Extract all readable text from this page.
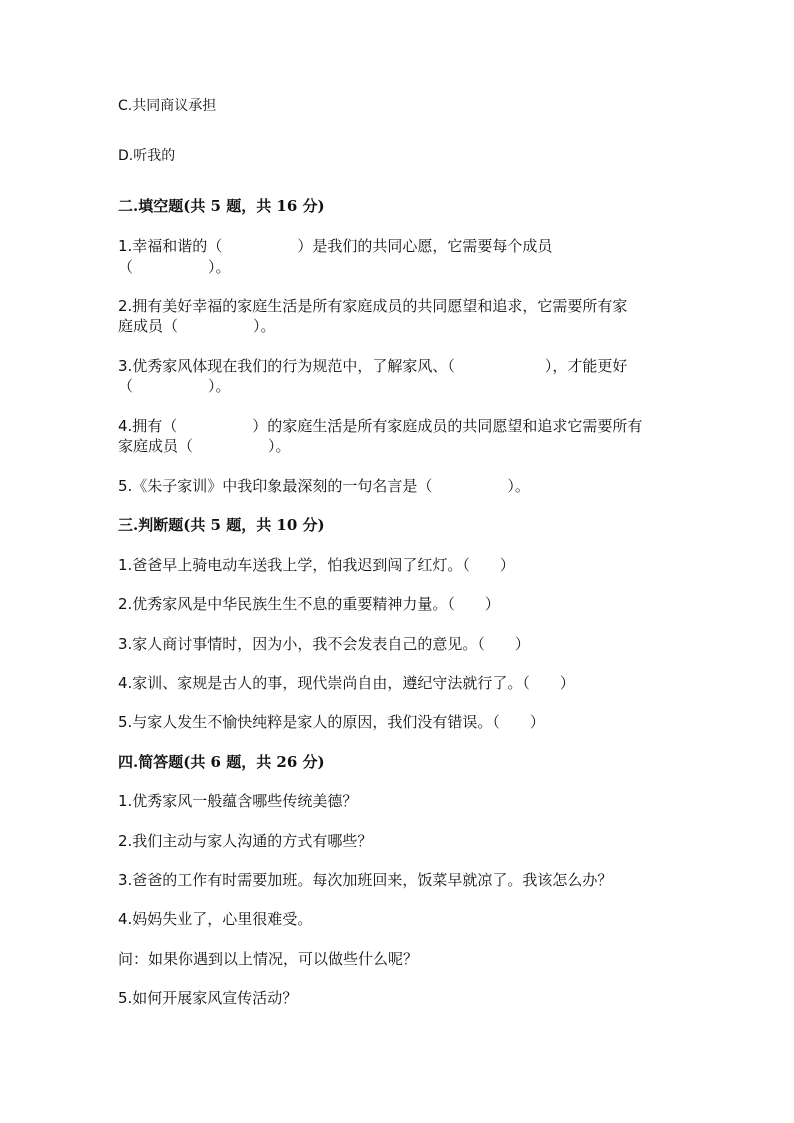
C.共同商议承担

D.听我的

二.填空题(共 5 题，共 16 分)

1.幸福和谐的（　　　　　）是我们的共同心愿，它需要每个成员

（　　　　　）。

2.拥有美好幸福的家庭生活是所有家庭成员的共同愿望和追求，它需要所有家

庭成员（　　　　　）。

3.优秀家风体现在我们的行为规范中，了解家风、（　　　　　　），才能更好

（　　　　　）。

4.拥有（　　　　　）的家庭生活是所有家庭成员的共同愿望和追求它需要所有

家庭成员（　　　　　）。

5.《朱子家训》中我印象最深刻的一句名言是（　　　　　）。

三.判断题(共 5 题，共 10 分)

1.爸爸早上骑电动车送我上学，怕我迟到闯了红灯。（　　）

2.优秀家风是中华民族生生不息的重要精神力量。（　　）

3.家人商讨事情时，因为小，我不会发表自己的意见。（　　）

4.家训、家规是古人的事，现代崇尚自由，遵纪守法就行了。（　　）

5.与家人发生不愉快纯粹是家人的原因，我们没有错误。（　　）

四.简答题(共 6 题，共 26 分)

1.优秀家风一般蕴含哪些传统美德？

2.我们主动与家人沟通的方式有哪些？

3.爸爸的工作有时需要加班。每次加班回来，饭菜早就凉了。我该怎么办？

4.妈妈失业了，心里很难受。

问：如果你遇到以上情况，可以做些什么呢？

5.如何开展家风宣传活动？
